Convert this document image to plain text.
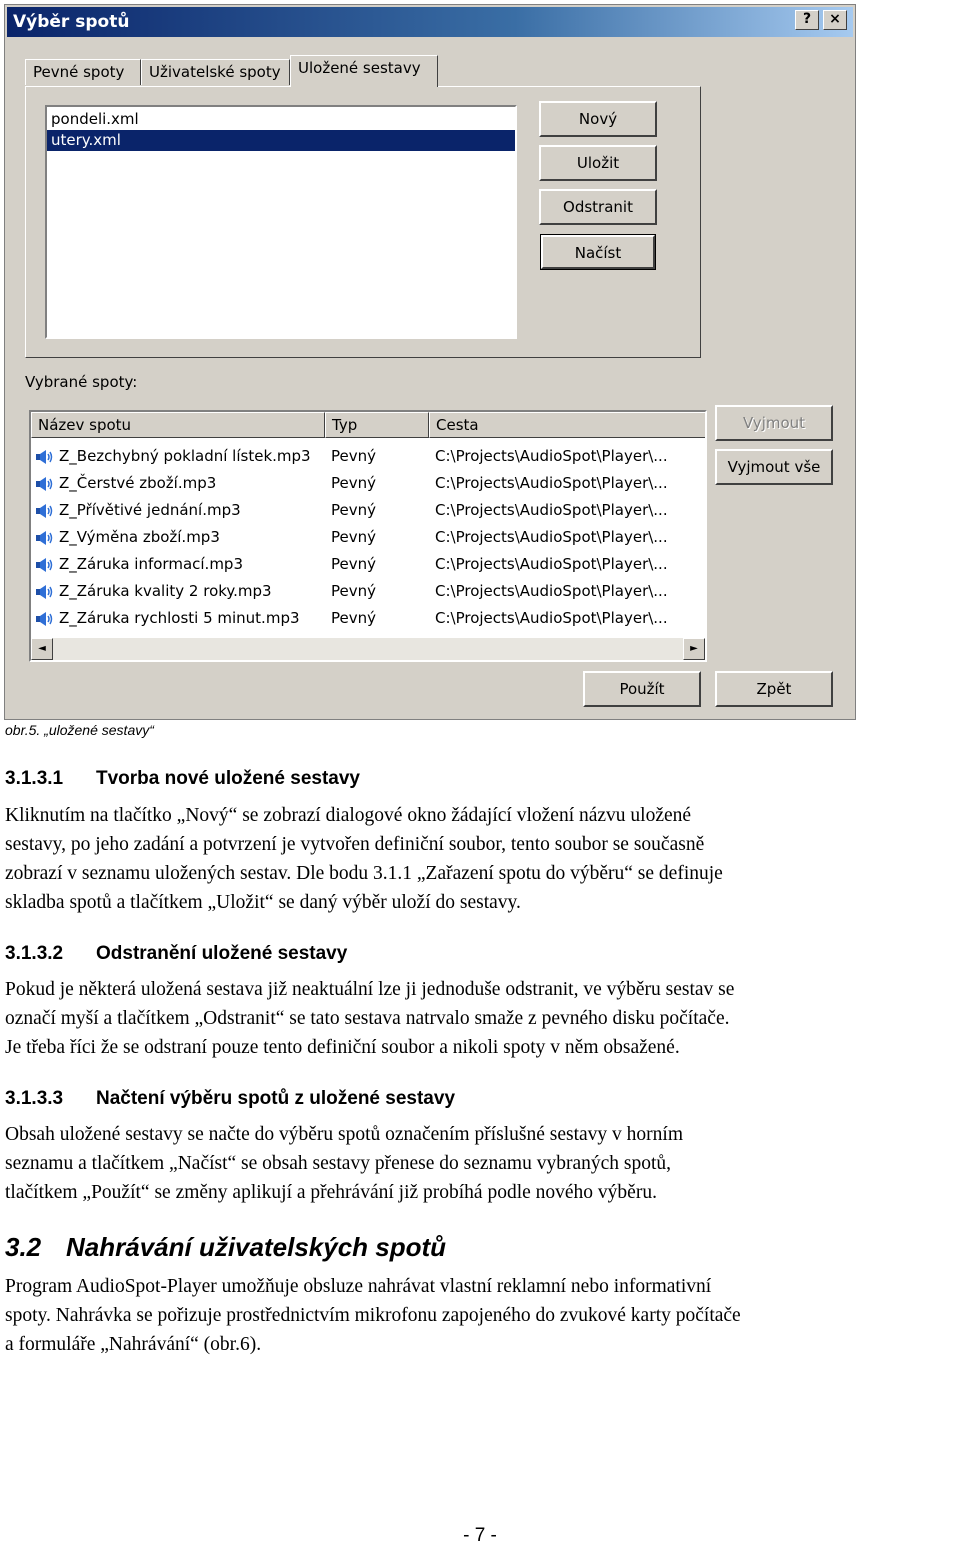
Výběr spotů	?	×
Pevné spoty	Uživatelské spoty	Uložené sestavy
pondeli.xml
utery.xml
Nový
Uložit
Odstranit
Načíst
Vybrané spoty:
Vyjmout
Vyjmout vše
Název spotu	Typ	Cesta
Z_Bezchybný pokladní lístek.mp3	Pevný	C:\Projects\AudioSpot\Player\...
Z_Čerstvé zboží.mp3	Pevný	C:\Projects\AudioSpot\Player\...
Z_Přívětivé jednání.mp3	Pevný	C:\Projects\AudioSpot\Player\...
Z_Výměna zboží.mp3	Pevný	C:\Projects\AudioSpot\Player\...
Z_Záruka informací.mp3	Pevný	C:\Projects\AudioSpot\Player\...
Z_Záruka kvality 2 roky.mp3	Pevný	C:\Projects\AudioSpot\Player\...
Z_Záruka rychlosti 5 minut.mp3	Pevný	C:\Projects\AudioSpot\Player\...
◄	►
Použít	Zpět
obr.5. „uložené sestavy“
3.1.3.1 Tvorba nové uložené sestavy
Kliknutím na tlačítko „Nový“ se zobrazí dialogové okno žádající vložení názvu uložené
sestavy, po jeho zadání a potvrzení je vytvořen definiční soubor, tento soubor se současně
zobrazí v seznamu uložených sestav. Dle bodu 3.1.1 „Zařazení spotu do výběru“ se definuje
skladba spotů a tlačítkem „Uložit“ se daný výběr uloží do sestavy.
3.1.3.2 Odstranění uložené sestavy
Pokud je některá uložená sestava již neaktuální lze ji jednoduše odstranit, ve výběru sestav se
označí myší a tlačítkem „Odstranit“ se tato sestava natrvalo smaže z pevného disku počítače.
Je třeba říci že se odstraní pouze tento definiční soubor a nikoli spoty v něm obsažené.
3.1.3.3 Načtení výběru spotů z uložené sestavy
Obsah uložené sestavy se načte do výběru spotů označením příslušné sestavy v horním
seznamu a tlačítkem „Načíst“ se obsah sestavy přenese do seznamu vybraných spotů,
tlačítkem „Použít“ se změny aplikují a přehrávání již probíhá podle nového výběru.
3.2 Nahrávání uživatelských spotů
Program AudioSpot-Player umožňuje obsluze nahrávat vlastní reklamní nebo informativní
spoty. Nahrávka se pořizuje prostřednictvím mikrofonu zapojeného do zvukové karty počítače
a formuláře „Nahrávání“ (obr.6).
- 7 -
